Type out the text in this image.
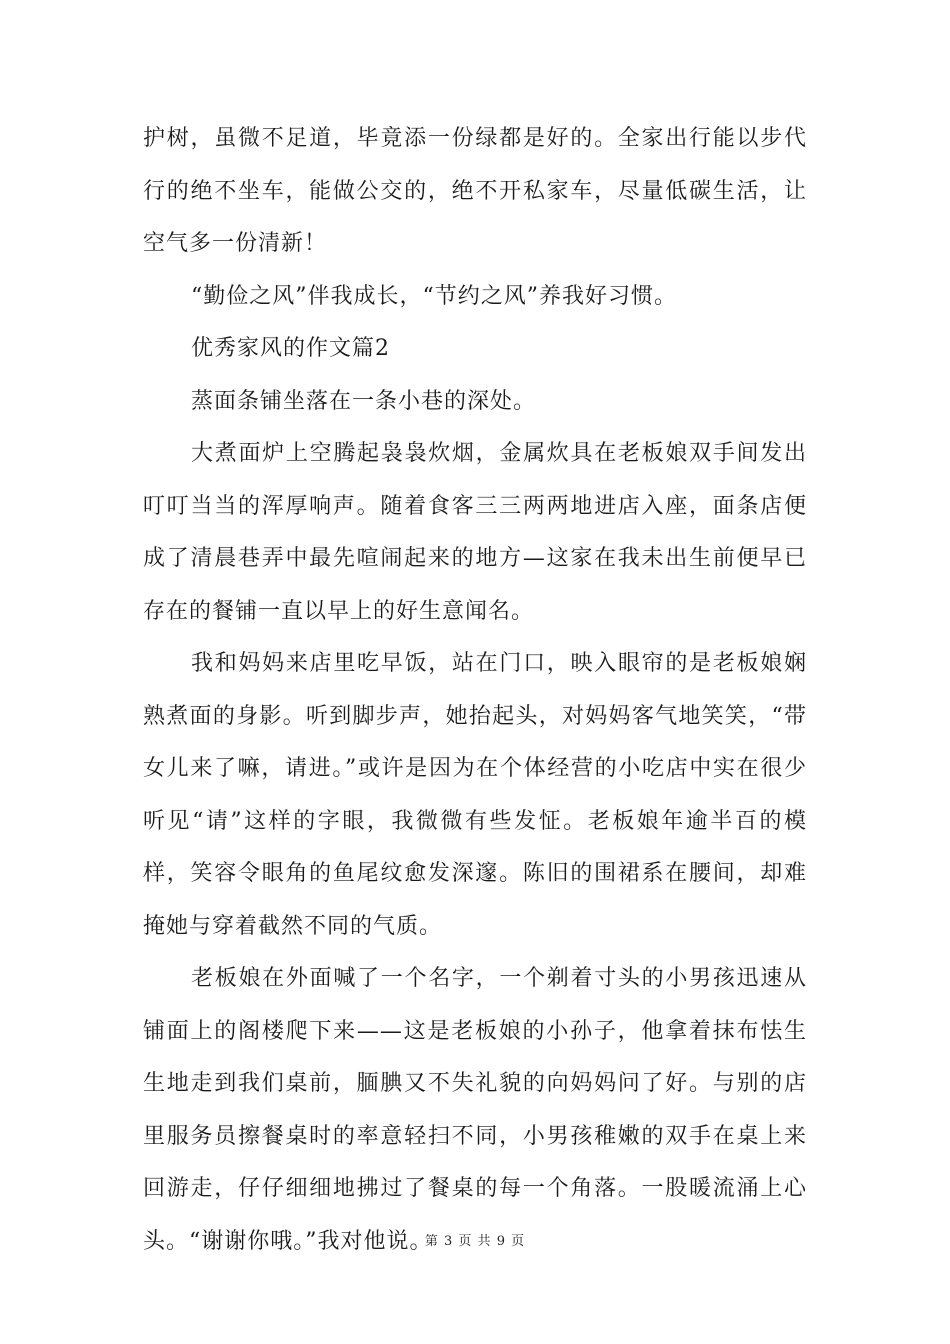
护树，虽微不足道，毕竟添一份绿都是好的。全家出行能以步代行的绝不坐车，能做公交的，绝不开私家车，尽量低碳生活，让空气多一份清新！

“勤俭之风”伴我成长，“节约之风”养我好习惯。

优秀家风的作文篇2

蒸面条铺坐落在一条小巷的深处。

大煮面炉上空腾起袅袅炊烟，金属炊具在老板娘双手间发出叮叮当当的浑厚响声。随着食客三三两两地进店入座，面条店便成了清晨巷弄中最先喧闹起来的地方—这家在我未出生前便早已存在的餐铺一直以早上的好生意闻名。

我和妈妈来店里吃早饭，站在门口，映入眼帘的是老板娘娴熟煮面的身影。听到脚步声，她抬起头，对妈妈客气地笑笑，“带女儿来了嘛，请进。”或许是因为在个体经营的小吃店中实在很少听见“请”这样的字眼，我微微有些发怔。老板娘年逾半百的模样，笑容令眼角的鱼尾纹愈发深邃。陈旧的围裙系在腰间，却难掩她与穿着截然不同的气质。

老板娘在外面喊了一个名字，一个剃着寸头的小男孩迅速从铺面上的阁楼爬下来——这是老板娘的小孙子，他拿着抹布怯生生地走到我们桌前，腼腆又不失礼貌的向妈妈问了好。与别的店里服务员擦餐桌时的率意轻扫不同，小男孩稚嫩的双手在桌上来回游走，仔仔细细地拂过了餐桌的每一个角落。一股暖流涌上心头。“谢谢你哦。”我对他说。

第 3 页 共 9 页
